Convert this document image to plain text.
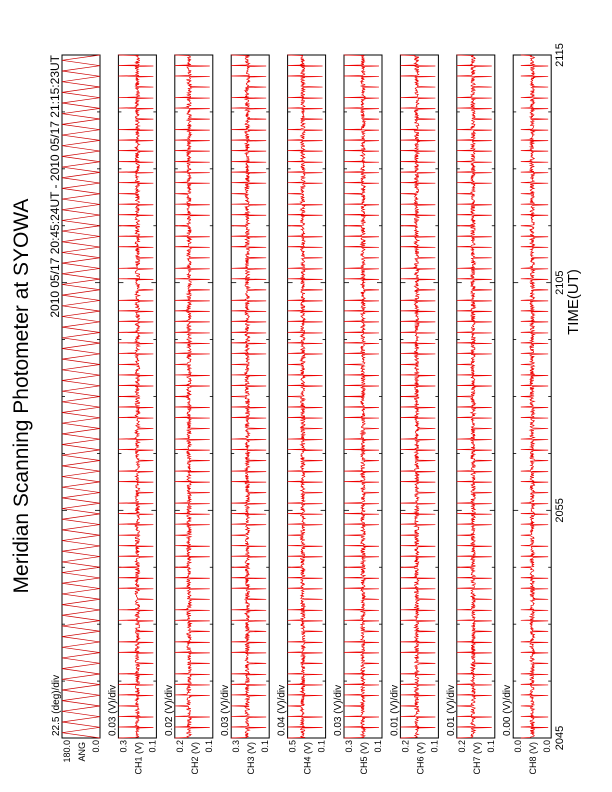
Meridian Scanning Photometer at SYOWA
2010 05/17 20:45:24UT - 2010 05/17 21:15:23UT
22.5 (deg)/div
ANG
180.0 0.0
0.03 (V)/div
CH1 (V)
0.3 0.1
0.02 (V)/div
CH2 (V)
0.2 0.1
0.03 (V)/div
CH3 (V)
0.3 0.1
0.04 (V)/div
CH4 (V)
0.5 0.1
0.03 (V)/div
CH5 (V)
0.3 0.1
0.01 (V)/div
CH6 (V)
0.2 0.1
0.01 (V)/div
CH7 (V)
0.2 0.1
0.00 (V)/div
CH8 (V)
0.0 0.0 2045
2055
2105
2115
TIME(UT)
